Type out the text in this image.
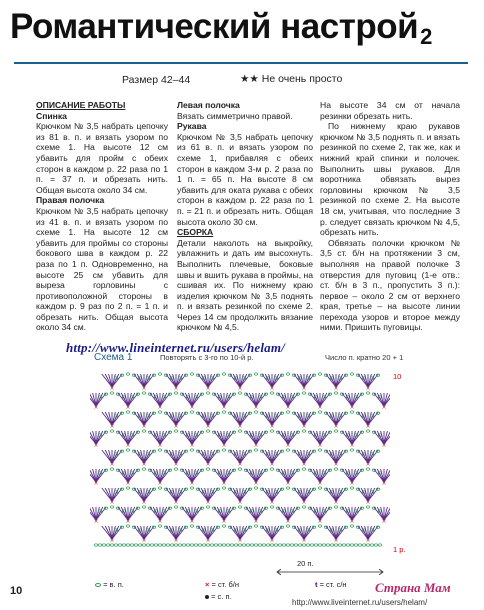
Романтический настрой2
Размер 42–44	★★ Не очень просто
ОПИСАНИЕ РАБОТЫ
Спинка

Крючком № 3,5 набрать цепочку из 81 в. п. и вязать узором по схеме 1. На высоте 12 см убавить для пройм с обеих сторон в каждом р. 22 раза по 1 п. = 37 п. и обрезать нить. Общая высота около 34 см.

Правая полочка

Крючком № 3,5 набрать цепочку из 41 в. п. и вязать узором по схеме 1. На высоте 12 см убавить для проймы со стороны бокового шва в каждом р. 22 раза по 1 п. Одновременно, на высоте 25 см убавить для выреза горловины с противоположной стороны в каждом р. 9 раз по 2 п. = 1 п. и обрезать нить. Общая высота около 34 см.

Левая полочка

Вязать симметрично правой.

Рукава

Крючком № 3,5 набрать цепочку из 61 в. п. и вязать узором по схеме 1, прибавляя с обеих сторон в каждом 3-м р. 2 раза по 1 п. = 65 п. На высоте 8 см убавить для оката рукава с обеих сторон в каждом р. 22 раза по 1 п. = 21 п. и обрезать нить. Общая высота около 30 см.

СБОРКА

Детали наколоть на выкройку, увлажнить и дать им высохнуть. Выполнить плечевые, боковые швы и вшить рукава в проймы, на сшивая их. По нижнему краю изделия крючком № 3,5 поднять п. и вязать резинкой по схеме 2. Через 14 см продолжить вязание крючком № 4,5.

На высоте 34 см от начала резинки обрезать нить.

По нижнему краю рукавов крючком № 3,5 поднять п. и вязать резинкой по схеме 2, так же, как и нижний край спинки и полочек. Выполнить швы рукавов. Для воротника обвязать вырез горловины крючком № 3,5 резинкой по схеме 2. На высоте 18 см, учитывая, что последние 3 р. следует связать крючком № 4,5, обрезать нить.

Обвязать полочки крючком № 3,5 ст. б/н на протяжении 3 см, выполняя на правой полочке 3 отверстия для пуговиц (1-е отв.: ст. б/н в 3 п., пропустить 3 п.): первое – около 2 см от верхнего края, третье – на высоте линии перехода узоров и второе между ними. Пришить пуговицы.

http://www.lineinternet.ru/users/helam/
Схема 1	Повторять с 3-го по 10-й р.	Число п. кратно 20 + 1
×	×	×	×	×	×	×	×	×
×	×	×	×	×	×	×	×	×	×
×	×	×	×	×	×	×	×	×
×	×	×	×	×	×	×	×	×	×
×	×	×	×	×	×	×	×	×
×	×	×	×	×	×	×	×	×	×
×	×	×	×	×	×	×	×	×
×	×	×	×	×	×	×	×	×	×
×	×	×	×	×	×	×	×	×
10
1 р.
20 п.
= в. п.	× = ст. б/н	ŧ = ст. с/н
= с. п.
10	Страна Мам
http://www.liveinternet.ru/users/helam/
